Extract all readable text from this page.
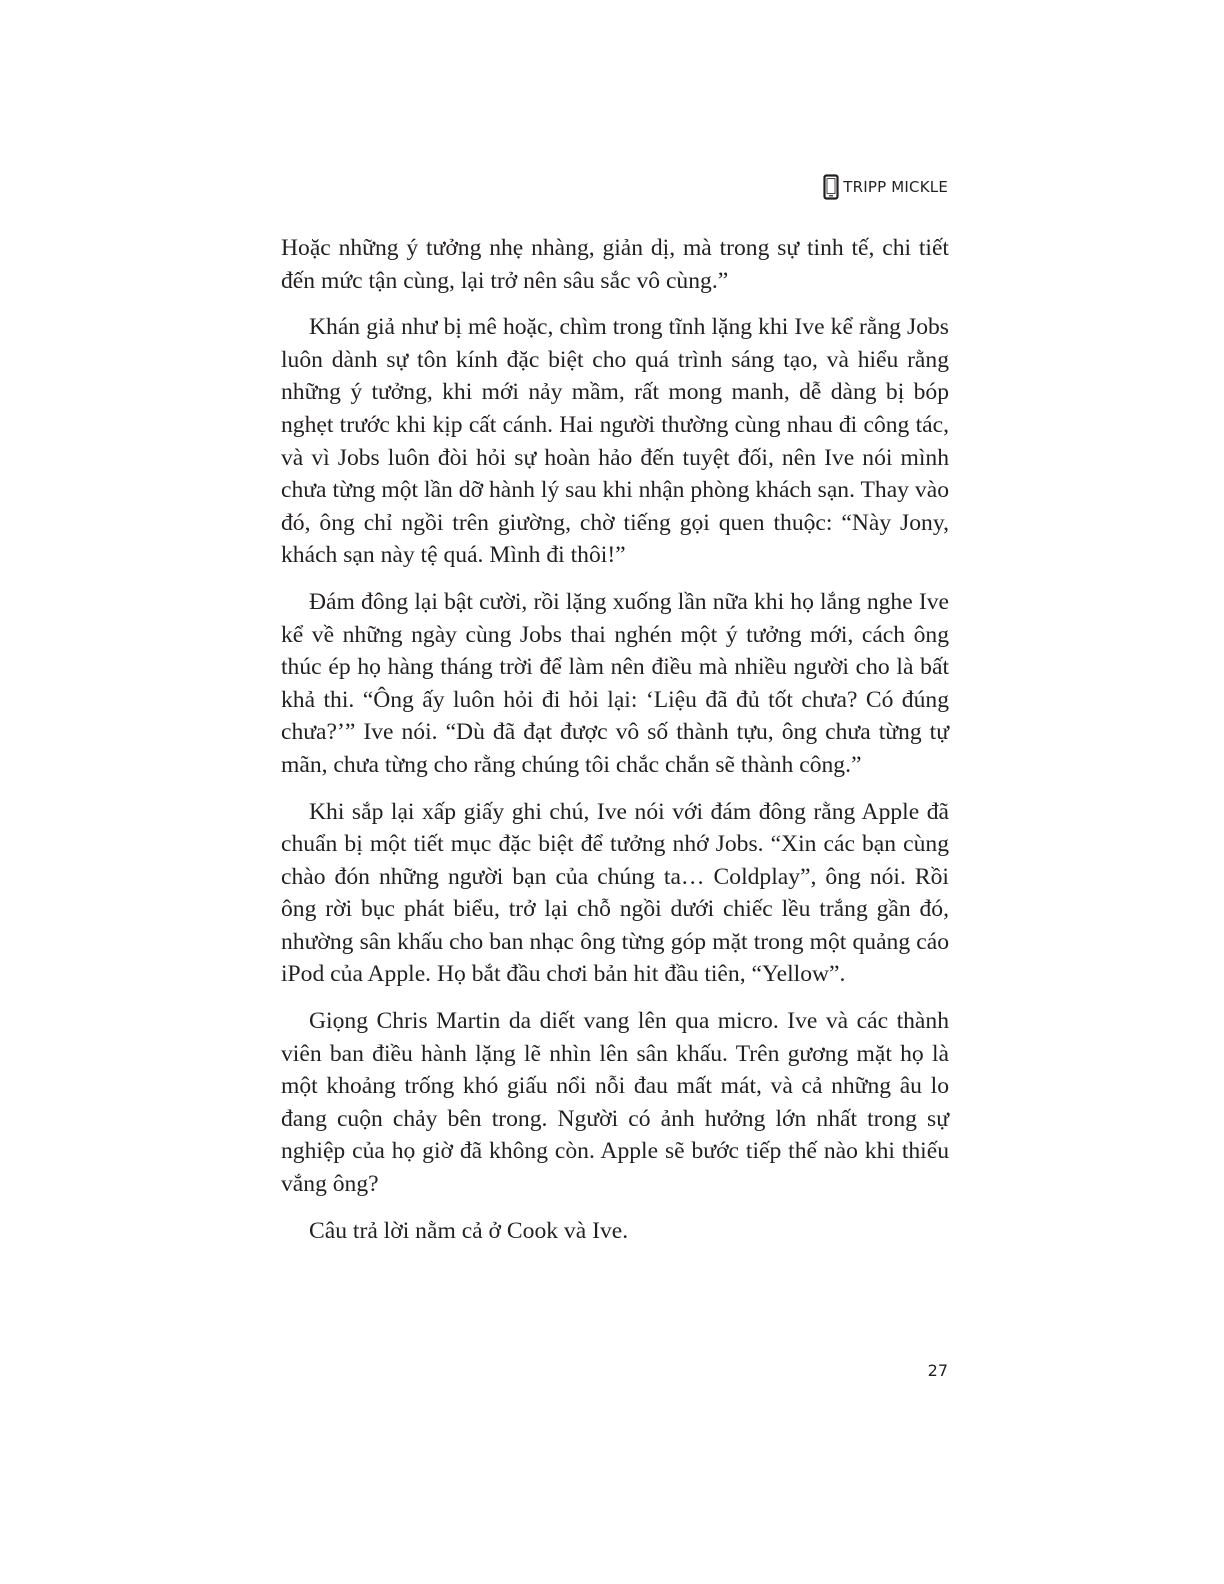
TRIPP MICKLE

Hoặc những ý tưởng nhẹ nhàng, giản dị, mà trong sự tinh tế, chi tiết đến mức tận cùng, lại trở nên sâu sắc vô cùng.”

Khán giả như bị mê hoặc, chìm trong tĩnh lặng khi Ive kể rằng Jobs luôn dành sự tôn kính đặc biệt cho quá trình sáng tạo, và hiểu rằng những ý tưởng, khi mới nảy mầm, rất mong manh, dễ dàng bị bóp nghẹt trước khi kịp cất cánh. Hai người thường cùng nhau đi công tác, và vì Jobs luôn đòi hỏi sự hoàn hảo đến tuyệt đối, nên Ive nói mình chưa từng một lần dỡ hành lý sau khi nhận phòng khách sạn. Thay vào đó, ông chỉ ngồi trên giường, chờ tiếng gọi quen thuộc: “Này Jony, khách sạn này tệ quá. Mình đi thôi!”

Đám đông lại bật cười, rồi lặng xuống lần nữa khi họ lắng nghe Ive kể về những ngày cùng Jobs thai nghén một ý tưởng mới, cách ông thúc ép họ hàng tháng trời để làm nên điều mà nhiều người cho là bất khả thi. “Ông ấy luôn hỏi đi hỏi lại: ‘Liệu đã đủ tốt chưa? Có đúng chưa?’” Ive nói. “Dù đã đạt được vô số thành tựu, ông chưa từng tự mãn, chưa từng cho rằng chúng tôi chắc chắn sẽ thành công.”

Khi sắp lại xấp giấy ghi chú, Ive nói với đám đông rằng Apple đã chuẩn bị một tiết mục đặc biệt để tưởng nhớ Jobs. “Xin các bạn cùng chào đón những người bạn của chúng ta… Coldplay”, ông nói. Rồi ông rời bục phát biểu, trở lại chỗ ngồi dưới chiếc lều trắng gần đó, nhường sân khấu cho ban nhạc ông từng góp mặt trong một quảng cáo iPod của Apple. Họ bắt đầu chơi bản hit đầu tiên, “Yellow”.

Giọng Chris Martin da diết vang lên qua micro. Ive và các thành viên ban điều hành lặng lẽ nhìn lên sân khấu. Trên gương mặt họ là một khoảng trống khó giấu nổi nỗi đau mất mát, và cả những âu lo đang cuộn chảy bên trong. Người có ảnh hưởng lớn nhất trong sự nghiệp của họ giờ đã không còn. Apple sẽ bước tiếp thế nào khi thiếu vắng ông?

Câu trả lời nằm cả ở Cook và Ive.

27
